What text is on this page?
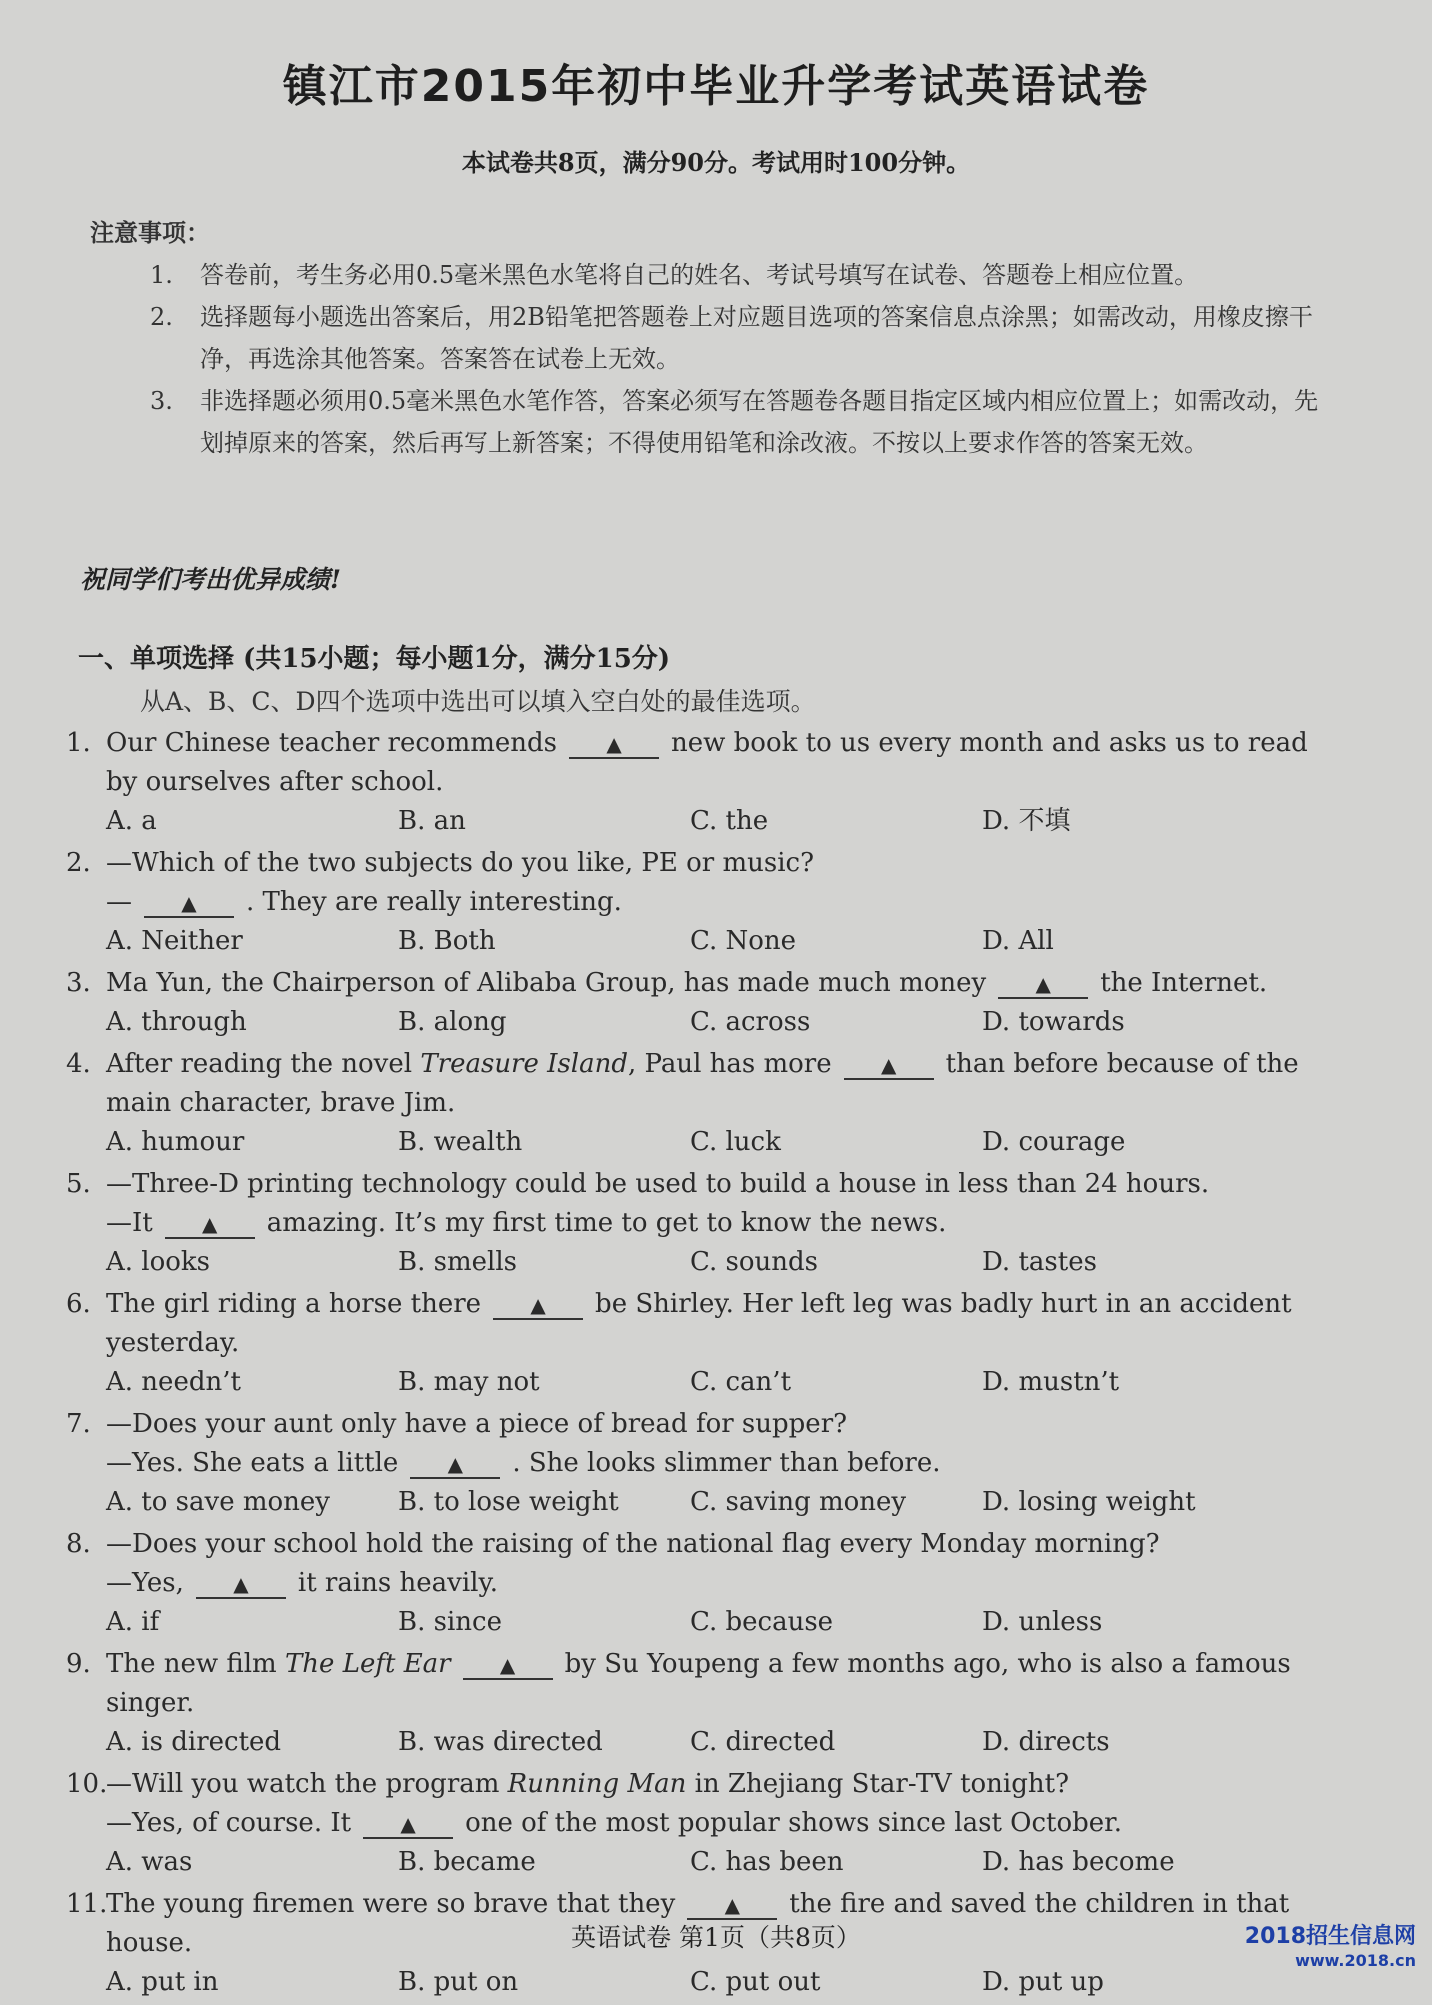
镇江市2015年初中毕业升学考试英语试卷
本试卷共8页，满分90分。考试用时100分钟。
注意事项：
1. 答卷前，考生务必用0.5毫米黑色水笔将自己的姓名、考试号填写在试卷、答题卷上相应位置。
2. 选择题每小题选出答案后，用2B铅笔把答题卷上对应题目选项的答案信息点涂黑；如需改动，用橡皮擦干净，再选涂其他答案。答案答在试卷上无效。
3. 非选择题必须用0.5毫米黑色水笔作答，答案必须写在答题卷各题目指定区域内相应位置上；如需改动，先划掉原来的答案，然后再写上新答案；不得使用铅笔和涂改液。不按以上要求作答的答案无效。
祝同学们考出优异成绩!
一、单项选择 (共15小题；每小题1分，满分15分)
从A、B、C、D四个选项中选出可以填入空白处的最佳选项。
1. Our Chinese teacher recommends ▲ new book to us every month and asks us to read by ourselves after school.
A. a	B. an	C. the	D. 不填
2. —Which of the two subjects do you like, PE or music?
— ▲ . They are really interesting.
A. Neither	B. Both	C. None	D. All
3. Ma Yun, the Chairperson of Alibaba Group, has made much money ▲ the Internet.
A. through	B. along	C. across	D. towards
4. After reading the novel Treasure Island, Paul has more ▲ than before because of the main character, brave Jim.
A. humour	B. wealth	C. luck	D. courage
5. —Three-D printing technology could be used to build a house in less than 24 hours.
—It ▲ amazing. It’s my first time to get to know the news.
A. looks	B. smells	C. sounds	D. tastes
6. The girl riding a horse there ▲ be Shirley. Her left leg was badly hurt in an accident yesterday.
A. needn’t	B. may not	C. can’t	D. mustn’t
7. —Does your aunt only have a piece of bread for supper?
—Yes. She eats a little ▲ . She looks slimmer than before.
A. to save money	B. to lose weight	C. saving money	D. losing weight
8. —Does your school hold the raising of the national flag every Monday morning?
—Yes, ▲ it rains heavily.
A. if	B. since	C. because	D. unless
9. The new film The Left Ear ▲ by Su Youpeng a few months ago, who is also a famous singer.
A. is directed	B. was directed	C. directed	D. directs
10.
—Will you watch the program Running Man in Zhejiang Star-TV tonight?
—Yes, of course. It ▲ one of the most popular shows since last October.
A. was	B. became	C. has been	D. has become
11.
The young firemen were so brave that they ▲ the fire and saved the children in that house.
A. put in	B. put on	C. put out	D. put up
英语试卷 第1页（共8页）	2018招生信息网
www.2018.cn
